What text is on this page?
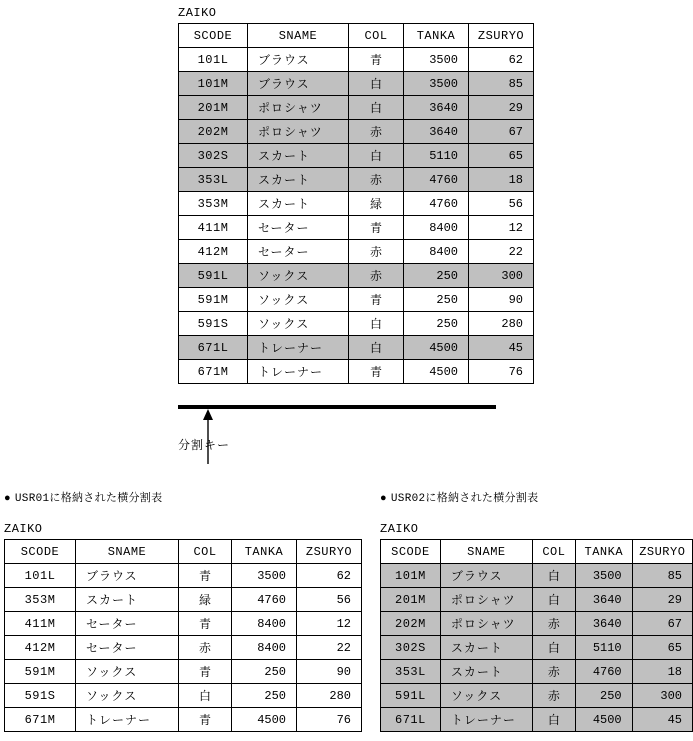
ZAIKO
SCODE	SNAME	COL	TANKA	ZSURYO
101L	ブラウス	青	3500	62
101M	ブラウス	白	3500	85
201M	ポロシャツ	白	3640	29
202M	ポロシャツ	赤	3640	67
302S	スカート	白	5110	65
353L	スカート	赤	4760	18
353M	スカート	緑	4760	56
411M	セーター	青	8400	12
412M	セーター	赤	8400	22
591L	ソックス	赤	250	300
591M	ソックス	青	250	90
591S	ソックス	白	250	280
671L	トレーナー	白	4500	45
671M	トレーナー	青	4500	76
分割キー
● USR01に格納された横分割表
ZAIKO
SCODE	SNAME	COL	TANKA	ZSURYO
101L	ブラウス	青	3500	62
353M	スカート	緑	4760	56
411M	セーター	青	8400	12
412M	セーター	赤	8400	22
591M	ソックス	青	250	90
591S	ソックス	白	250	280
671M	トレーナー	青	4500	76
● USR02に格納された横分割表
ZAIKO
SCODE	SNAME	COL	TANKA	ZSURYO
101M	ブラウス	白	3500	85
201M	ポロシャツ	白	3640	29
202M	ポロシャツ	赤	3640	67
302S	スカート	白	5110	65
353L	スカート	赤	4760	18
591L	ソックス	赤	250	300
671L	トレーナー	白	4500	45
